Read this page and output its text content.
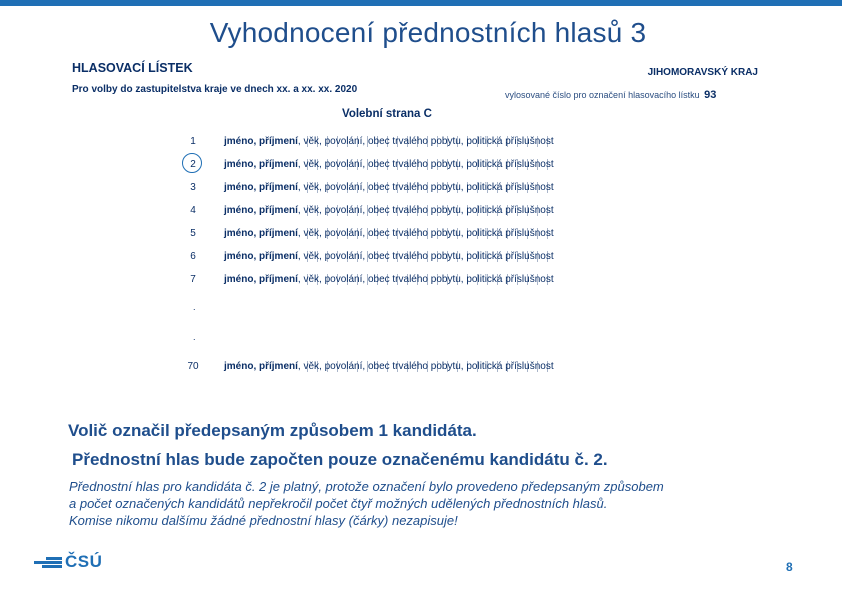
Vyhodnocení přednostních hlasů 3
HLASOVACÍ LÍSTEK	JIHOMORAVSKÝ KRAJ
Pro volby do zastupitelstva kraje ve dnech xx. a xx. xx. 2020	vylosované číslo pro označení hlasovacího lístku 93
Volební strana C
1	jméno, příjmení, věk, povolání, obec trvalého pobytu, politická příslušnost
2	jméno, příjmení, věk, povolání, obec trvalého pobytu, politická příslušnost
3	jméno, příjmení, věk, povolání, obec trvalého pobytu, politická příslušnost
4	jméno, příjmení, věk, povolání, obec trvalého pobytu, politická příslušnost
5	jméno, příjmení, věk, povolání, obec trvalého pobytu, politická příslušnost
6	jméno, příjmení, věk, povolání, obec trvalého pobytu, politická příslušnost
7	jméno, příjmení, věk, povolání, obec trvalého pobytu, politická příslušnost
70	jméno, příjmení, věk, povolání, obec trvalého pobytu, politická příslušnost
.
.
Volič označil předepsaným způsobem 1 kandidáta.
Přednostní hlas bude započten pouze označenému kandidátu č. 2.
Přednostní hlas pro kandidáta č. 2 je platný, protože označení bylo provedeno předepsaným způsobem
a počet označených kandidátů nepřekročil počet čtyř možných udělených přednostních hlasů.
Komise nikomu dalšímu žádné přednostní hlasy (čárky) nezapisuje!
ČSÚ	8
